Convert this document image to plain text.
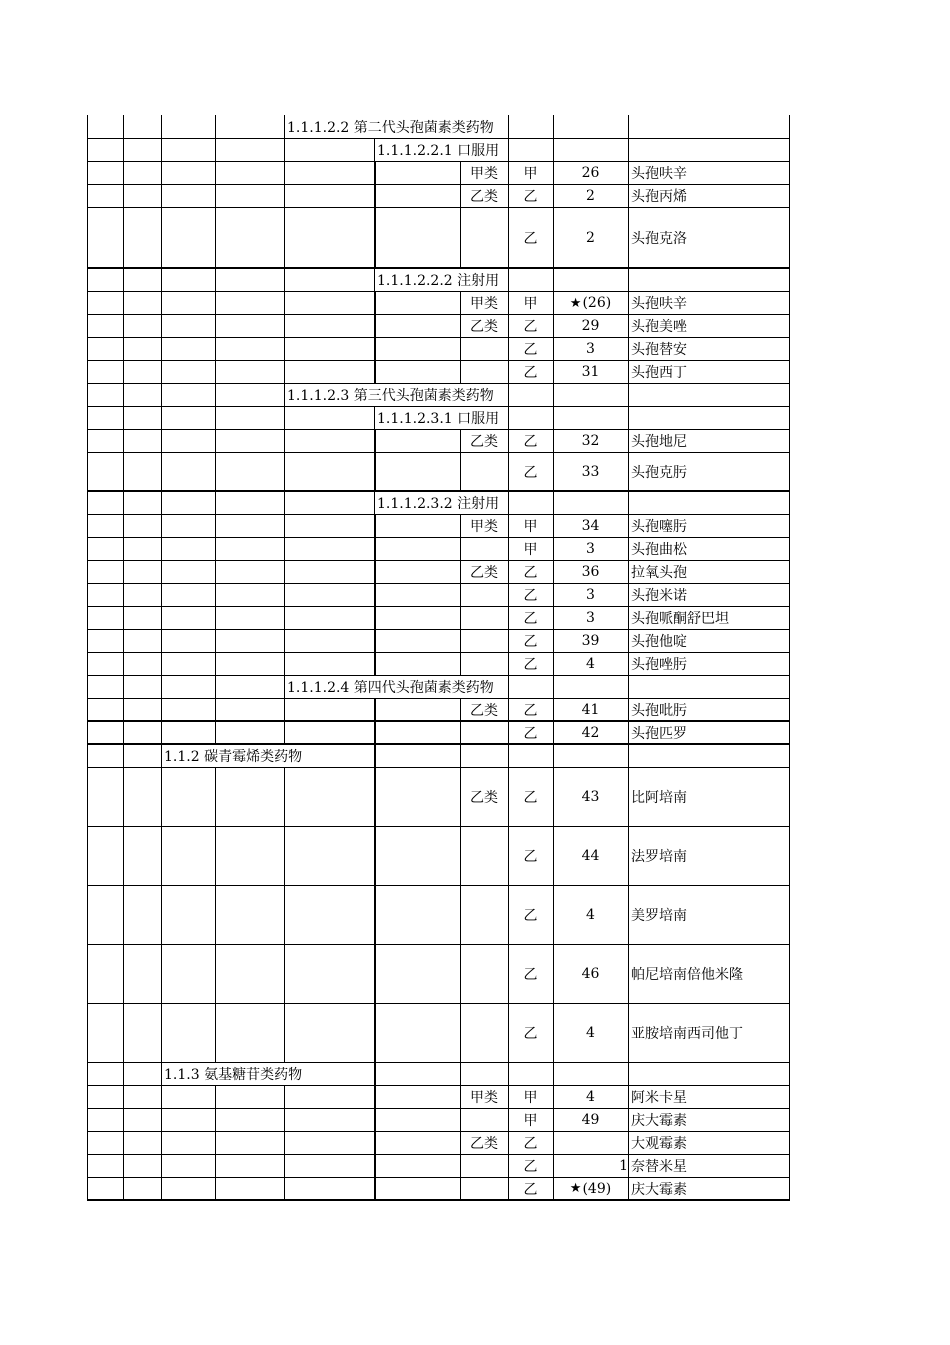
1.1.1.2.2 第二代头孢菌素类药物
1.1.1.2.2.1 口服用
甲类	甲	26 头孢呋辛
乙类	乙	2	头孢丙烯
乙	2	头孢克洛
1.1.1.2.2.2 注射用
甲类	甲	★ (26) 头孢呋辛
乙类	乙	29 头孢美唑
乙	3	头孢替安
乙	31 头孢西丁
1.1.1.2.3 第三代头孢菌素类药物
1.1.1.2.3.1 口服用
乙类	乙	32 头孢地尼
乙	33 头孢克肟
1.1.1.2.3.2 注射用
甲类	甲	34 头孢噻肟
甲	3	头孢曲松
乙类	乙	36 拉氧头孢
乙	3	头孢米诺
乙	3	头孢哌酮舒巴坦
乙	39 头孢他啶
乙	4	头孢唑肟
1.1.1.2.4 第四代头孢菌素类药物
乙类	乙	41 头孢吡肟
乙	42 头孢匹罗
1.1.2 碳青霉烯类药物
乙类	乙	43 比阿培南
乙	44 法罗培南
乙	4	美罗培南
乙	46 帕尼培南倍他米隆
乙	4	亚胺培南西司他丁
1.1.3 氨基糖苷类药物
甲类	甲	4	阿米卡星
甲	49 庆大霉素
乙类	乙	大观霉素
乙	1 奈替米星
乙	★ (49) 庆大霉素
